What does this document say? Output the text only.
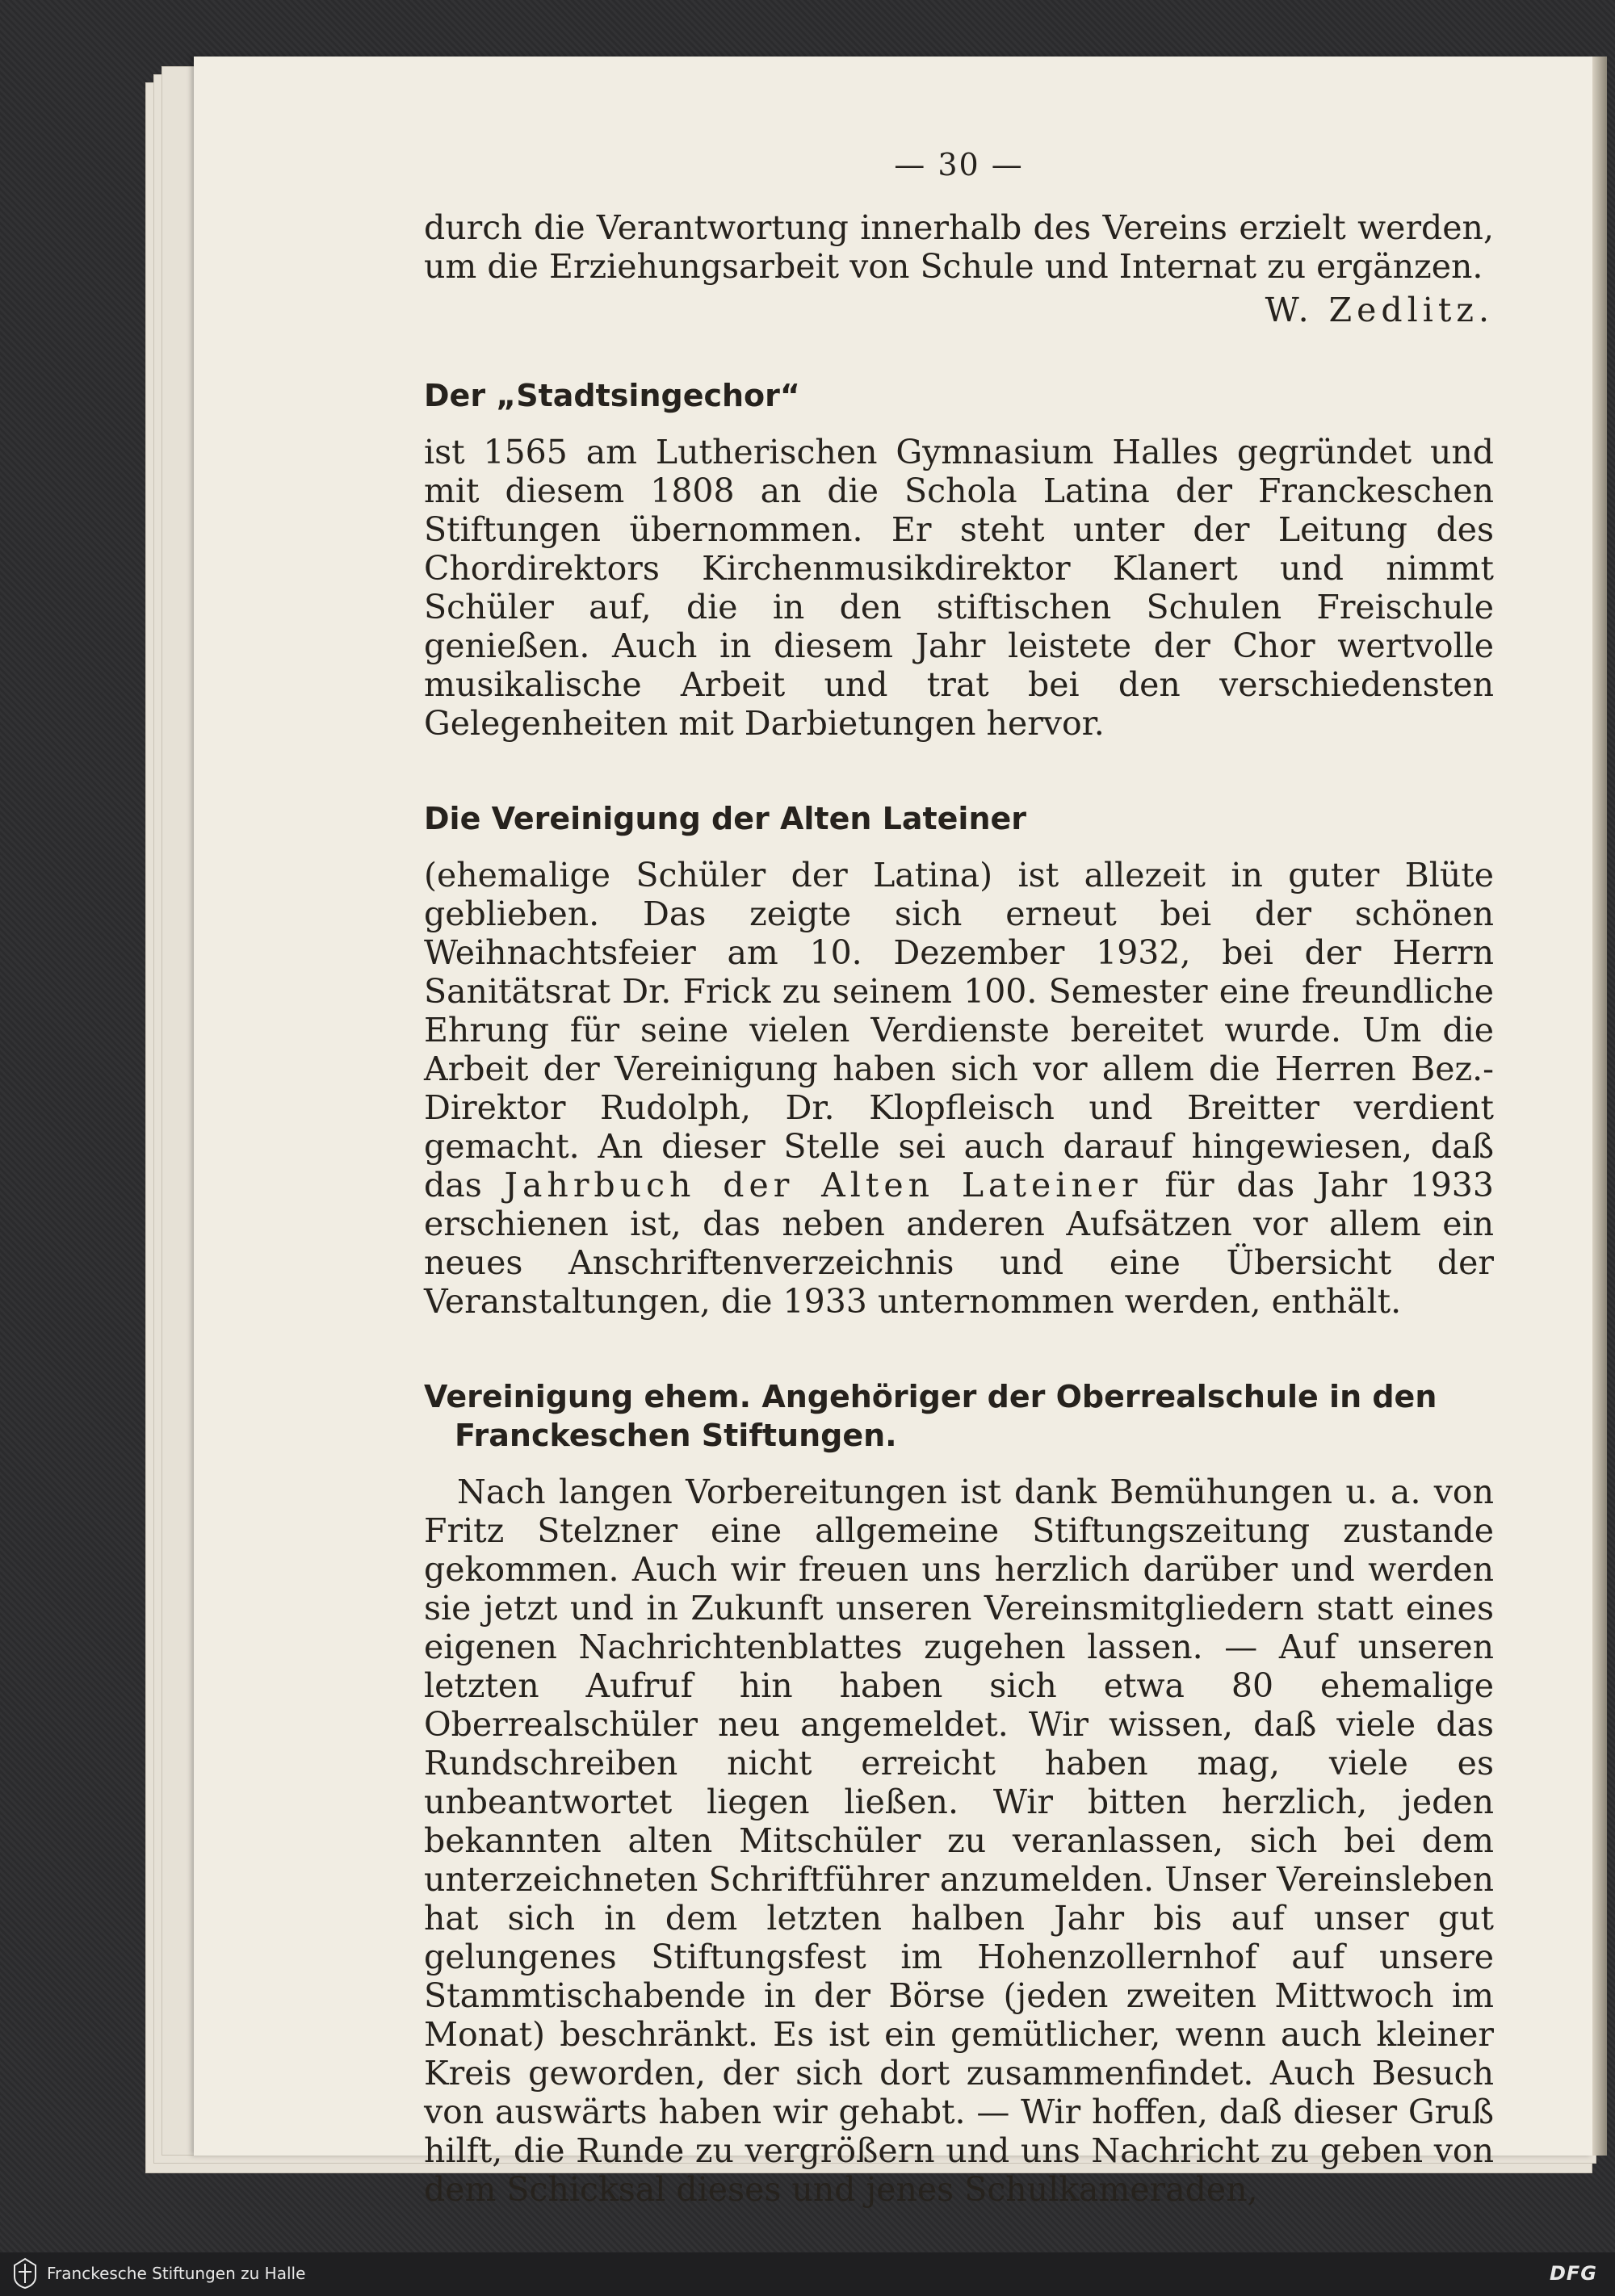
— 30 —

durch die Verantwortung innerhalb des Vereins erzielt werden, um die Erziehungsarbeit von Schule und Internat zu ergänzen.

W. Zedlitz.
Der „Stadtsingechor“

ist 1565 am Lutherischen Gymnasium Halles gegründet und mit diesem 1808 an die Schola Latina der Franckeschen Stiftungen übernommen. Er steht unter der Leitung des Chordirektors Kirchenmusikdirektor Klanert und nimmt Schüler auf, die in den stiftischen Schulen Freischule genießen. Auch in diesem Jahr leistete der Chor wertvolle musikalische Arbeit und trat bei den verschiedensten Gelegenheiten mit Darbietungen hervor.

Die Vereinigung der Alten Lateiner

(ehemalige Schüler der Latina) ist allezeit in guter Blüte geblieben. Das zeigte sich erneut bei der schönen Weihnachtsfeier am 10. Dezember 1932, bei der Herrn Sanitätsrat Dr. Frick zu seinem 100. Semester eine freundliche Ehrung für seine vielen Verdienste bereitet wurde. Um die Arbeit der Vereinigung haben sich vor allem die Herren Bez.-Direktor Rudolph, Dr. Klopfleisch und Breitter verdient gemacht. An dieser Stelle sei auch darauf hingewiesen, daß das Jahrbuch der Alten Lateiner für das Jahr 1933 erschienen ist, das neben anderen Aufsätzen vor allem ein neues Anschriftenverzeichnis und eine Übersicht der Veranstaltungen, die 1933 unternommen werden, enthält.

Vereinigung ehem. Angehöriger der Oberrealschule in den Franckeschen Stiftungen.

Nach langen Vorbereitungen ist dank Bemühungen u. a. von Fritz Stelzner eine allgemeine Stiftungszeitung zustande gekommen. Auch wir freuen uns herzlich darüber und werden sie jetzt und in Zukunft unseren Vereinsmitgliedern statt eines eigenen Nachrichtenblattes zugehen lassen. — Auf unseren letzten Aufruf hin haben sich etwa 80 ehemalige Oberrealschüler neu angemeldet. Wir wissen, daß viele das Rundschreiben nicht erreicht haben mag, viele es unbeantwortet liegen ließen. Wir bitten herzlich, jeden bekannten alten Mitschüler zu veranlassen, sich bei dem unterzeichneten Schriftführer anzumelden. Unser Vereinsleben hat sich in dem letzten halben Jahr bis auf unser gut gelungenes Stiftungsfest im Hohenzollernhof auf unsere Stammtischabende in der Börse (jeden zweiten Mittwoch im Monat) beschränkt. Es ist ein gemütlicher, wenn auch kleiner Kreis geworden, der sich dort zusammenfindet. Auch Besuch von auswärts haben wir gehabt. — Wir hoffen, daß dieser Gruß hilft, die Runde zu vergrößern und uns Nachricht zu geben von dem Schicksal dieses und jenes Schulkameraden,

Franckesche Stiftungen zu Halle	DFG
